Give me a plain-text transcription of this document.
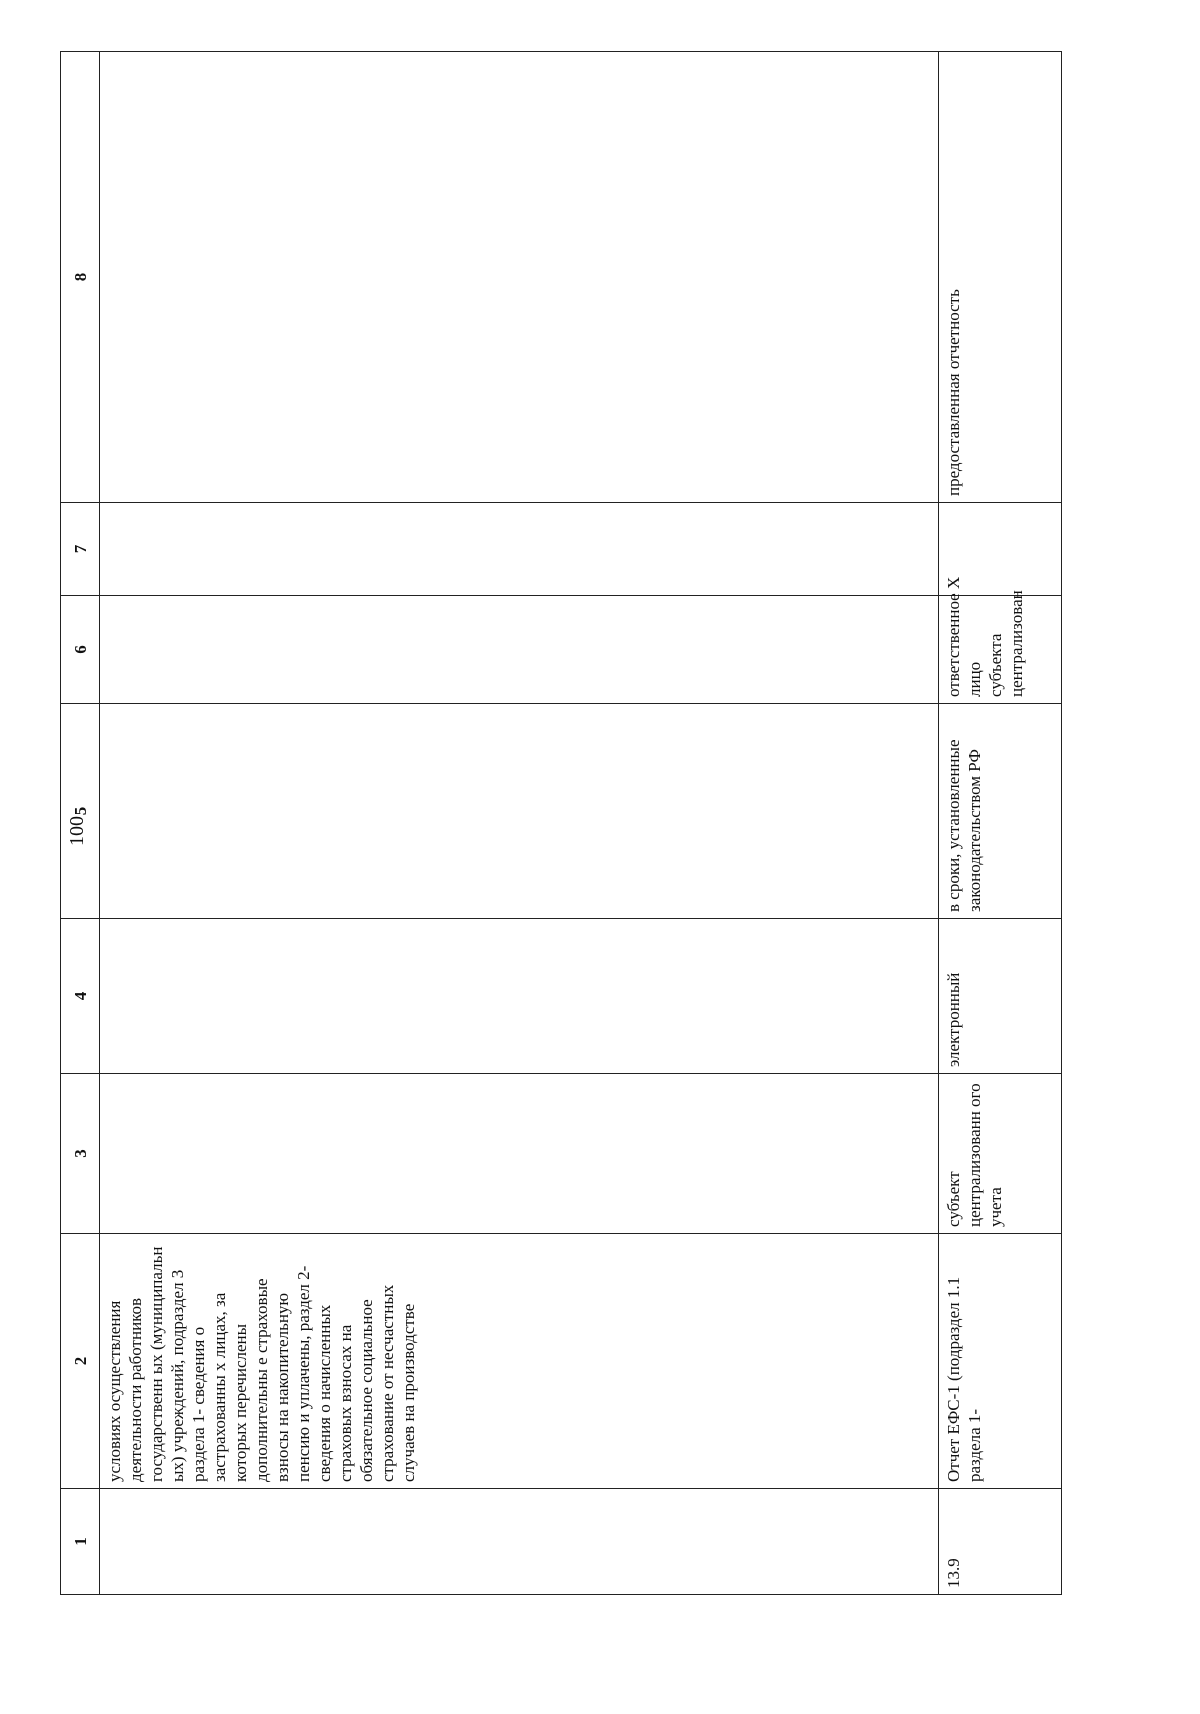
100
1	2	3	4	5	6	7	8
	условиях осуществления деятельности работников государственн ых (муниципальн ых) учреждений, подраздел 3 раздела 1- сведения о застрахованны х лицах, за которых перечислены дополнительны е страховые взносы на накопительную пенсию и уплачены, раздел 2- сведения о начисленных страховых взносах на обязательное социальное страхование от несчастных случаев на производстве						
13.9	Отчет ЕФС-1 (подраздел 1.1 раздела 1-	субъект централизованн ого учета	электронный	в сроки, установленные законодательством РФ	ответственное лицо субъекта централизован	Х	предоставленная отчетность
